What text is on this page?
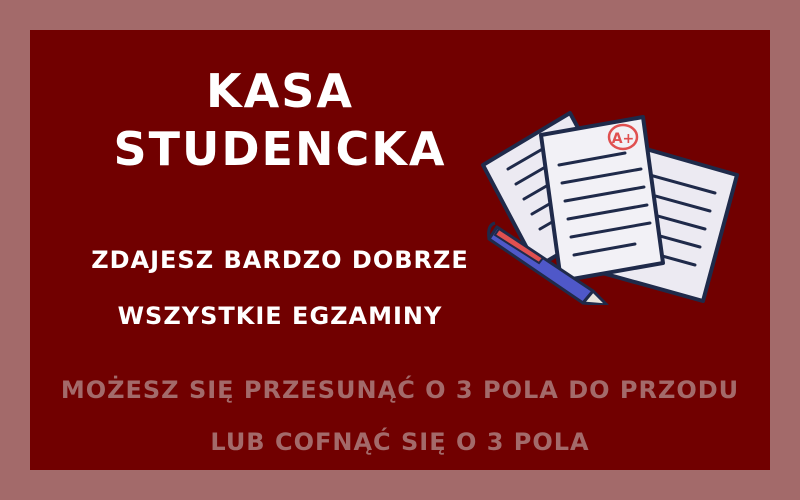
KASA
STUDENCKA
ZDAJESZ BARDZO DOBRZE
WSZYSTKIE EGZAMINY
A+
MOŻESZ SIĘ PRZESUNĄĆ O 3 POLA DO PRZODU
LUB COFNĄĆ SIĘ O 3 POLA
